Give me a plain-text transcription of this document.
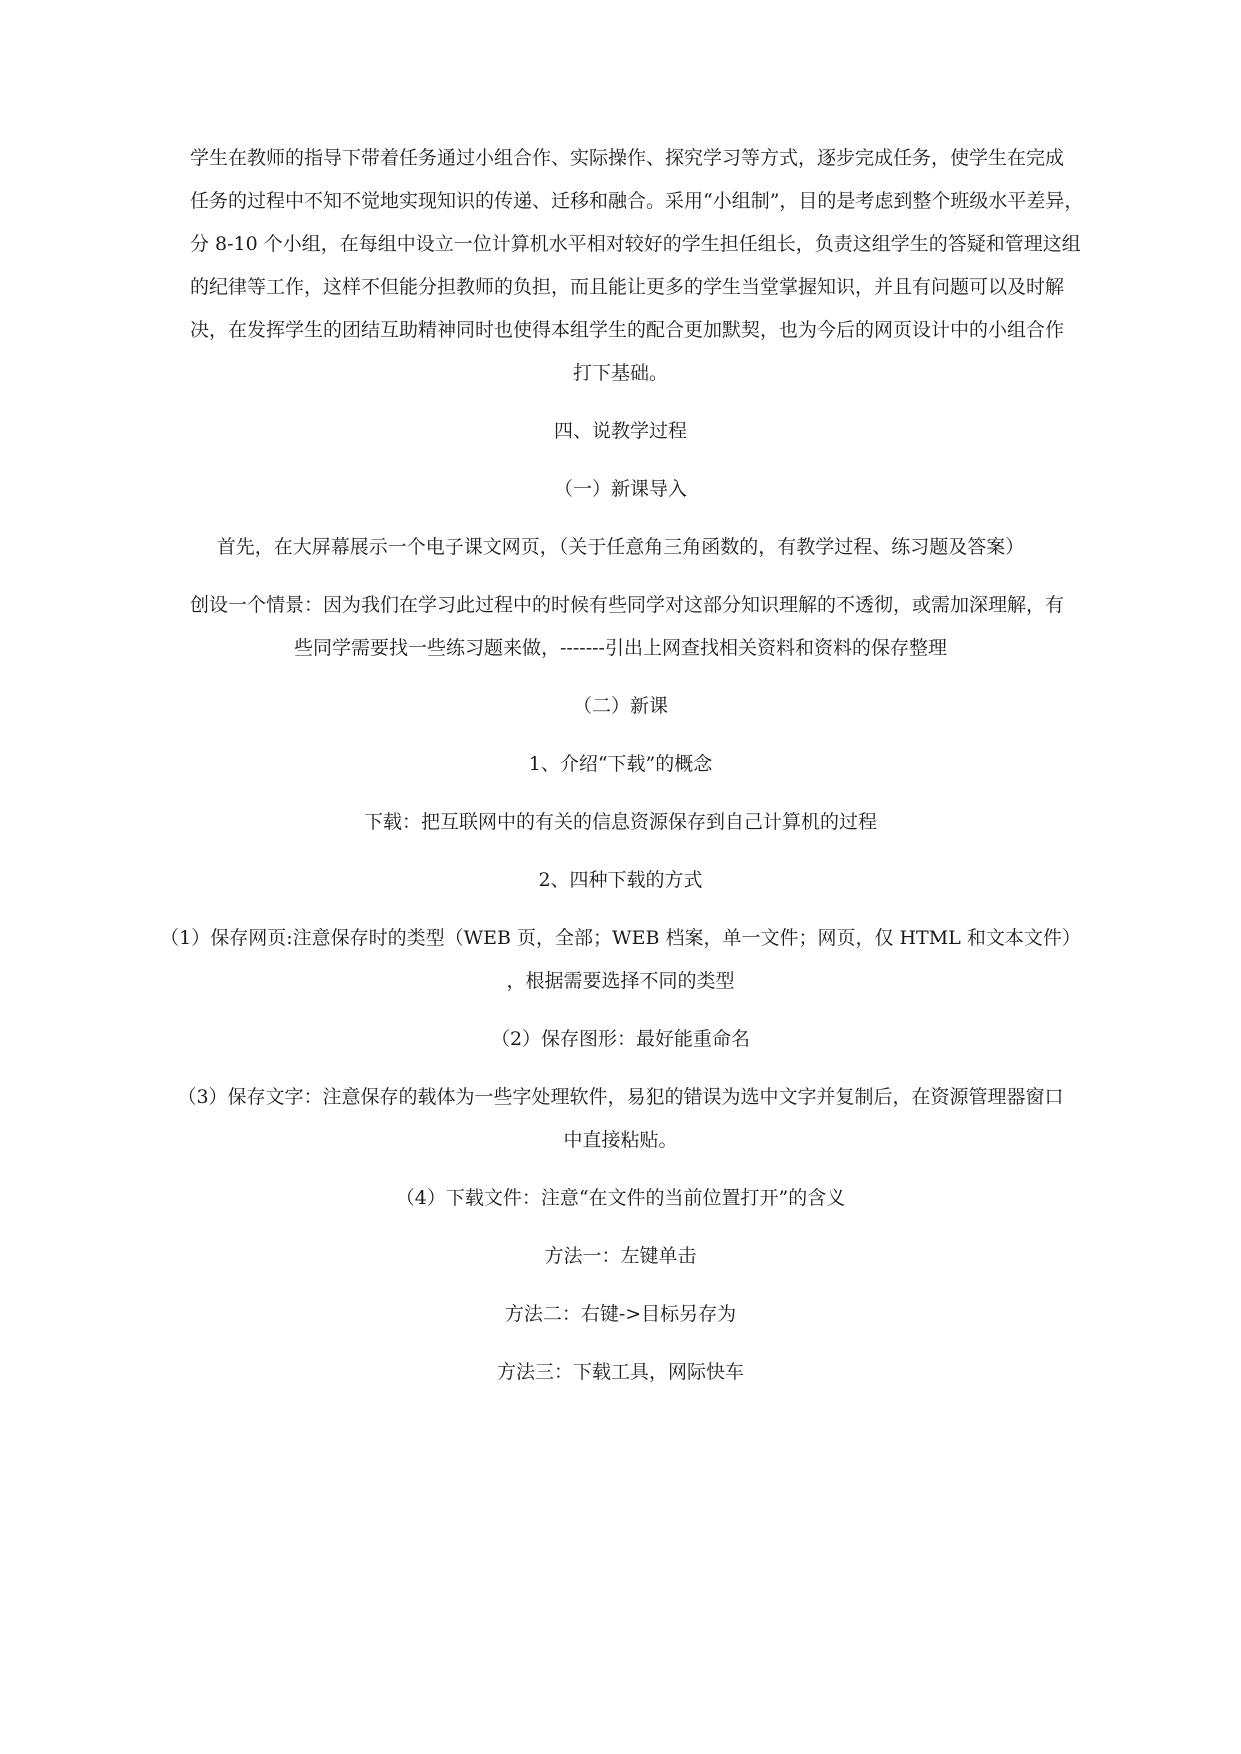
学生在教师的指导下带着任务通过小组合作、实际操作、探究学习等方式，逐步完成任务，使学生在完成
任务的过程中不知不觉地实现知识的传递、迁移和融合。采用“小组制”，目的是考虑到整个班级水平差异，
分 8-10 个小组，在每组中设立一位计算机水平相对较好的学生担任组长，负责这组学生的答疑和管理这组
的纪律等工作，这样不但能分担教师的负担，而且能让更多的学生当堂掌握知识，并且有问题可以及时解
决，在发挥学生的团结互助精神同时也使得本组学生的配合更加默契，也为今后的网页设计中的小组合作
打下基础。
四、说教学过程
（一）新课导入
首先，在大屏幕展示一个电子课文网页，（关于任意角三角函数的，有教学过程、练习题及答案）
创设一个情景：因为我们在学习此过程中的时候有些同学对这部分知识理解的不透彻，或需加深理解，有
些同学需要找一些练习题来做，-------引出上网查找相关资料和资料的保存整理
（二）新课
1、介绍“下载”的概念
下载：把互联网中的有关的信息资源保存到自己计算机的过程
2、四种下载的方式
（1）保存网页:注意保存时的类型（WEB 页，全部；WEB 档案，单一文件；网页，仅 HTML 和文本文件）
，根据需要选择不同的类型
（2）保存图形：最好能重命名
（3）保存文字：注意保存的载体为一些字处理软件，易犯的错误为选中文字并复制后，在资源管理器窗口
中直接粘贴。
（4）下载文件：注意“在文件的当前位置打开”的含义
方法一：左键单击
方法二：右键->目标另存为
方法三：下载工具，网际快车
